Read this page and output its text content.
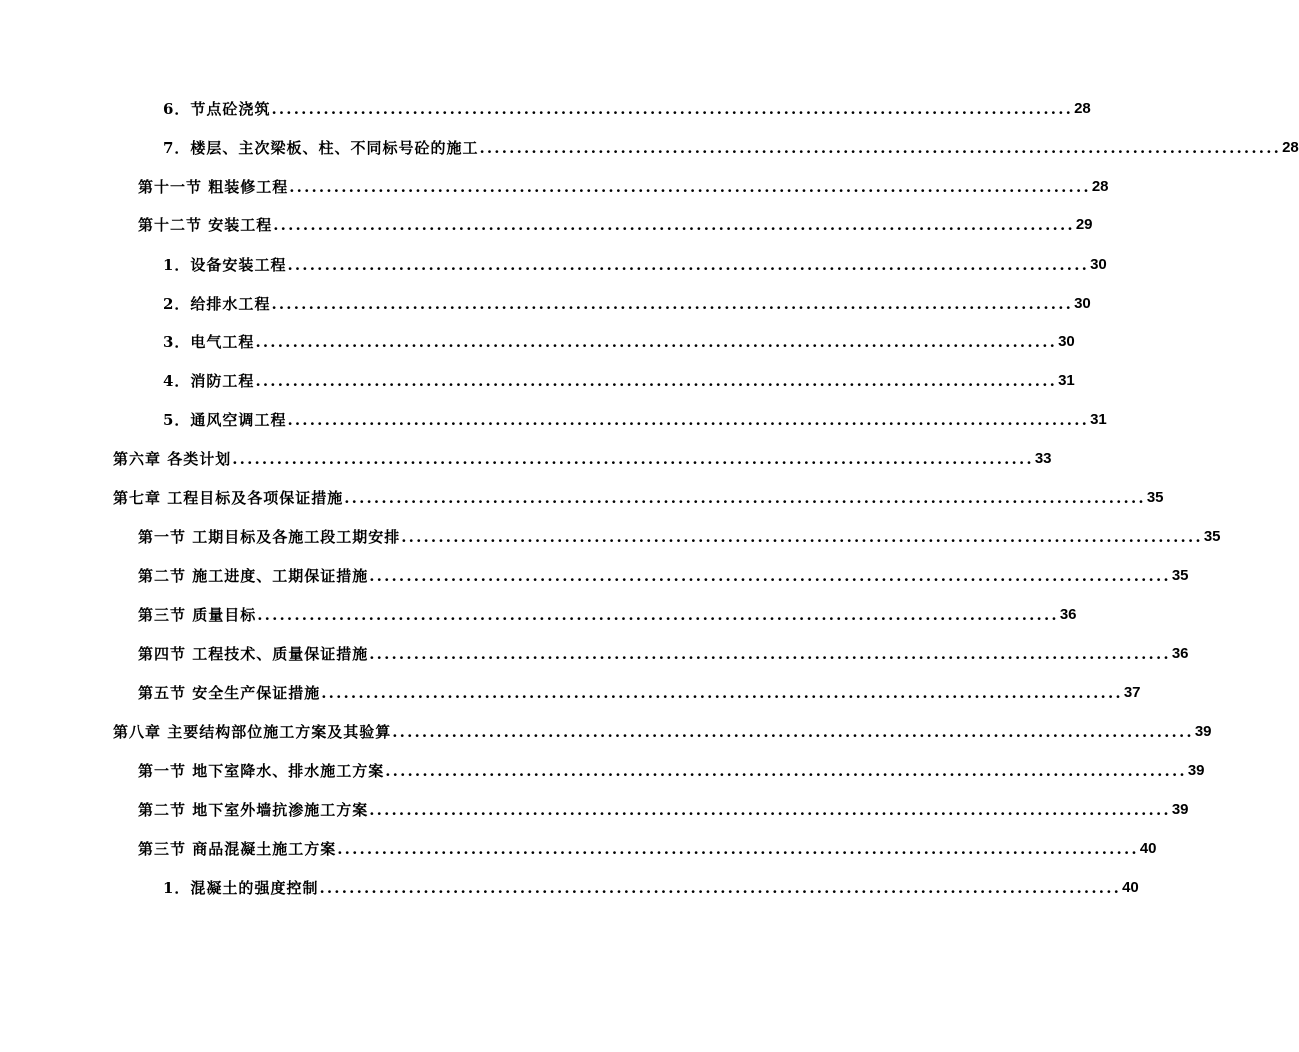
6．节点砼浇筑 ............................................................................................................ 28
7．楼层、主次梁板、柱、不同标号砼的施工 ............................................................................................................ 28
第十一节 粗装修工程 ............................................................................................................ 28
第十二节 安装工程 ............................................................................................................ 29
1．设备安装工程 ............................................................................................................ 30
2．给排水工程 ............................................................................................................ 30
3．电气工程 ............................................................................................................ 30
4．消防工程 ............................................................................................................ 31
5．通风空调工程 ............................................................................................................ 31
第六章 各类计划 ............................................................................................................ 33
第七章 工程目标及各项保证措施 ............................................................................................................ 35
第一节 工期目标及各施工段工期安排 ............................................................................................................ 35
第二节 施工进度、工期保证措施 ............................................................................................................ 35
第三节 质量目标 ............................................................................................................ 36
第四节 工程技术、质量保证措施 ............................................................................................................ 36
第五节 安全生产保证措施 ............................................................................................................ 37
第八章 主要结构部位施工方案及其验算 ............................................................................................................ 39
第一节 地下室降水、排水施工方案 ............................................................................................................ 39
第二节 地下室外墙抗渗施工方案 ............................................................................................................ 39
第三节 商品混凝土施工方案 ............................................................................................................ 40
1．混凝土的强度控制 ............................................................................................................ 40
